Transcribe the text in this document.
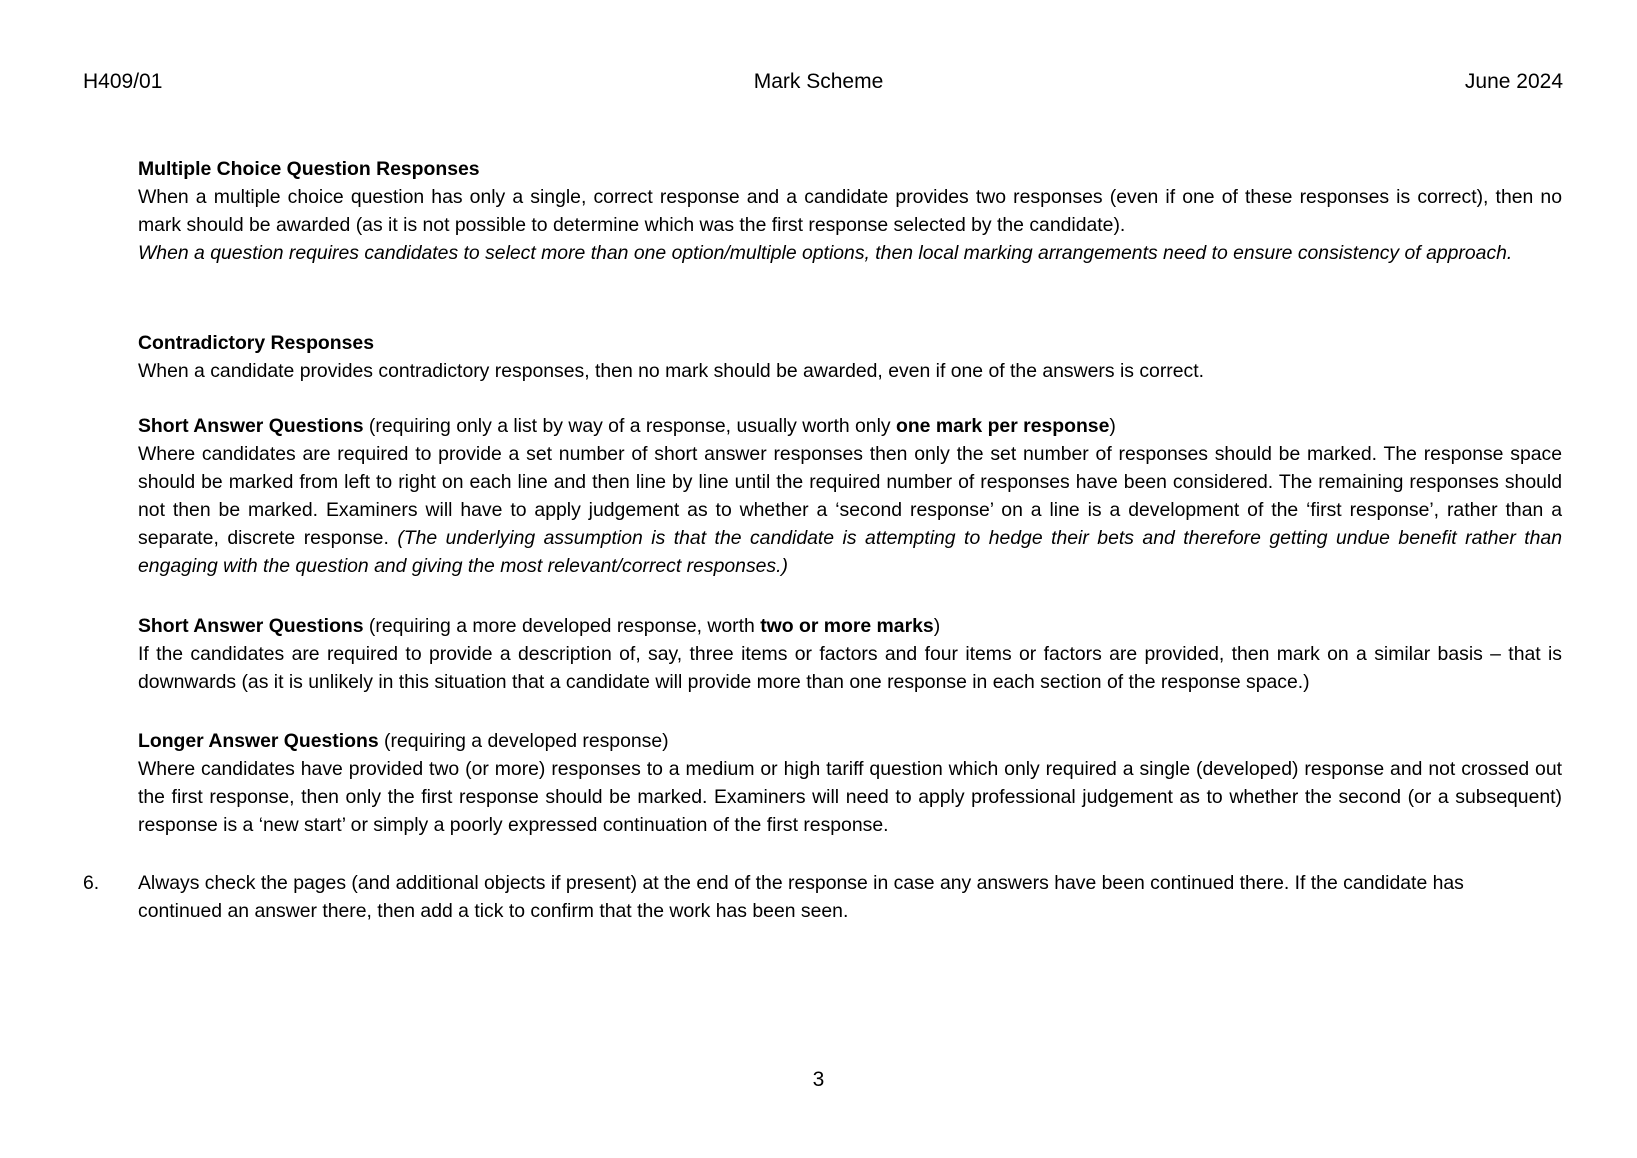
H409/01	Mark Scheme	June 2024

Multiple Choice Question Responses

When a multiple choice question has only a single, correct response and a candidate provides two responses (even if one of these responses is correct), then no mark should be awarded (as it is not possible to determine which was the first response selected by the candidate).

When a question requires candidates to select more than one option/multiple options, then local marking arrangements need to ensure consistency of approach.

Contradictory Responses

When a candidate provides contradictory responses, then no mark should be awarded, even if one of the answers is correct.

Short Answer Questions (requiring only a list by way of a response, usually worth only one mark per response)

Where candidates are required to provide a set number of short answer responses then only the set number of responses should be marked. The response space should be marked from left to right on each line and then line by line until the required number of responses have been considered. The remaining responses should not then be marked. Examiners will have to apply judgement as to whether a ‘second response’ on a line is a development of the ‘first response’, rather than a separate, discrete response. (The underlying assumption is that the candidate is attempting to hedge their bets and therefore getting undue benefit rather than engaging with the question and giving the most relevant/correct responses.)

Short Answer Questions (requiring a more developed response, worth two or more marks)

If the candidates are required to provide a description of, say, three items or factors and four items or factors are provided, then mark on a similar basis – that is downwards (as it is unlikely in this situation that a candidate will provide more than one response in each section of the response space.)

Longer Answer Questions (requiring a developed response)

Where candidates have provided two (or more) responses to a medium or high tariff question which only required a single (developed) response and not crossed out the first response, then only the first response should be marked. Examiners will need to apply professional judgement as to whether the second (or a subsequent) response is a ‘new start’ or simply a poorly expressed continuation of the first response.

6. Always check the pages (and additional objects if present) at the end of the response in case any answers have been continued there. If the candidate has continued an answer there, then add a tick to confirm that the work has been seen.
3
